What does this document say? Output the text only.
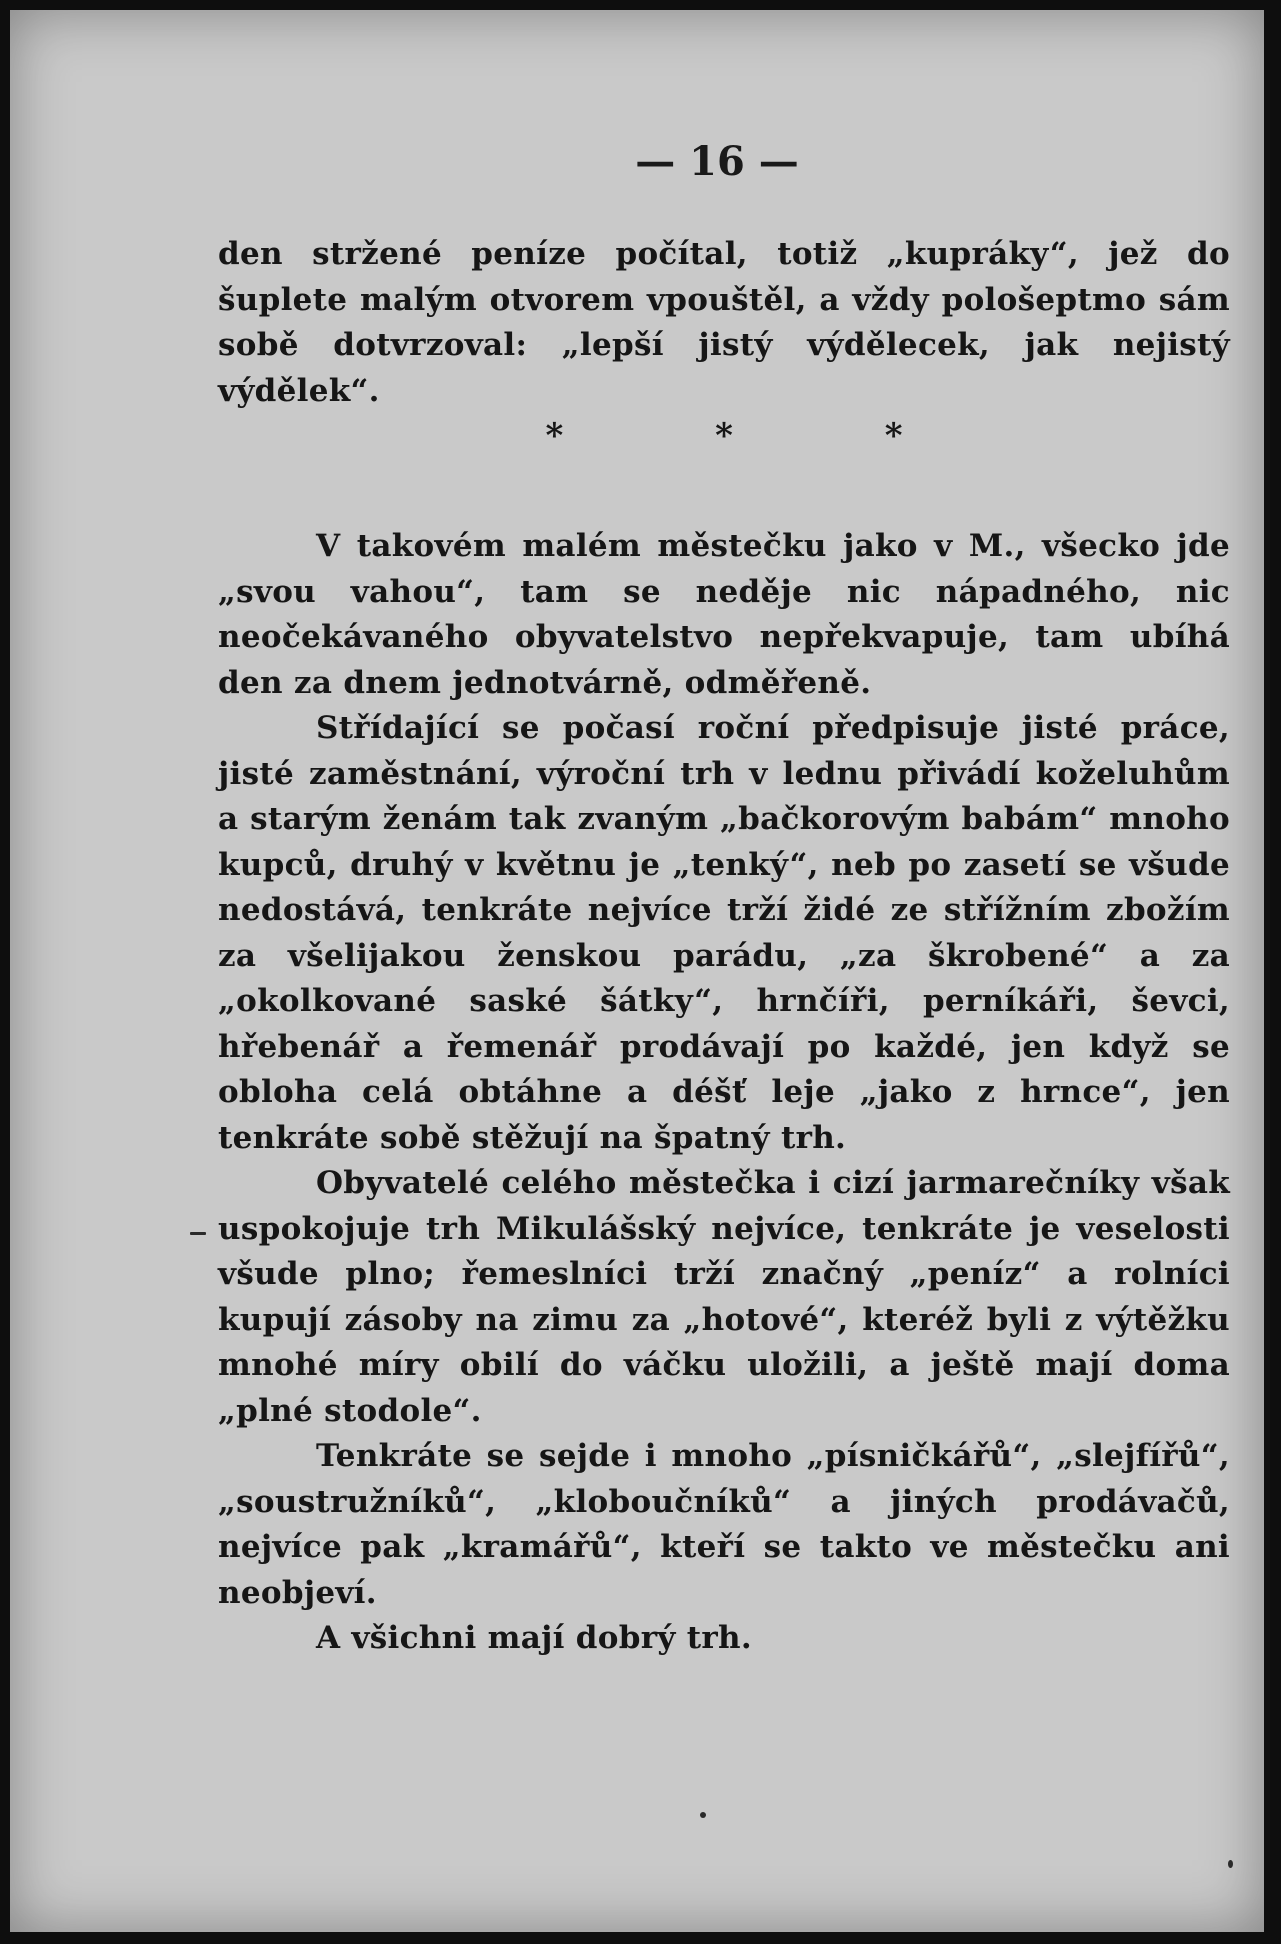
— 16 —

den stržené peníze počítal, totiž „kupráky“, jež do šuplete malým otvorem vpouštěl, a vždy pološeptmo sám sobě dotvrzoval: „lepší jistý výdělecek, jak nejistý výdělek“.

* * *

V takovém malém městečku jako v M., všecko jde „svou vahou“, tam se neděje nic nápadného, nic neočekávaného obyvatelstvo nepřekvapuje, tam ubíhá den za dnem jednotvárně, odměřeně.

Střídající se počasí roční předpisuje jisté práce, jisté zaměstnání, výroční trh v lednu přivádí koželuhům a starým ženám tak zvaným „bačkorovým babám“ mnoho kupců, druhý v květnu je „tenký“, neb po zasetí se všude nedostává, tenkráte nejvíce trží židé ze střížním zbožím za všelijakou ženskou parádu, „za škrobené“ a za „okolkované saské šátky“, hrnčíři, perníkáři, ševci, hřebenář a řemenář prodávají po každé, jen když se obloha celá obtáhne a déšť leje „jako z hrnce“, jen tenkráte sobě stěžují na špatný trh.

Obyvatelé celého městečka i cizí jarmarečníky však uspokojuje trh Mikulášský nejvíce, tenkráte je veselosti všude plno; řemeslníci trží značný „peníz“ a rolníci kupují zásoby na zimu za „hotové“, kteréž byli z výtěžku mnohé míry obilí do váčku uložili, a ještě mají doma „plné stodole“.

Tenkráte se sejde i mnoho „písničkářů“, „slejfířů“, „soustružníků“, „kloboučníků“ a jiných prodávačů, nejvíce pak „kramářů“, kteří se takto ve městečku ani neobjeví.

A všichni mají dobrý trh.
